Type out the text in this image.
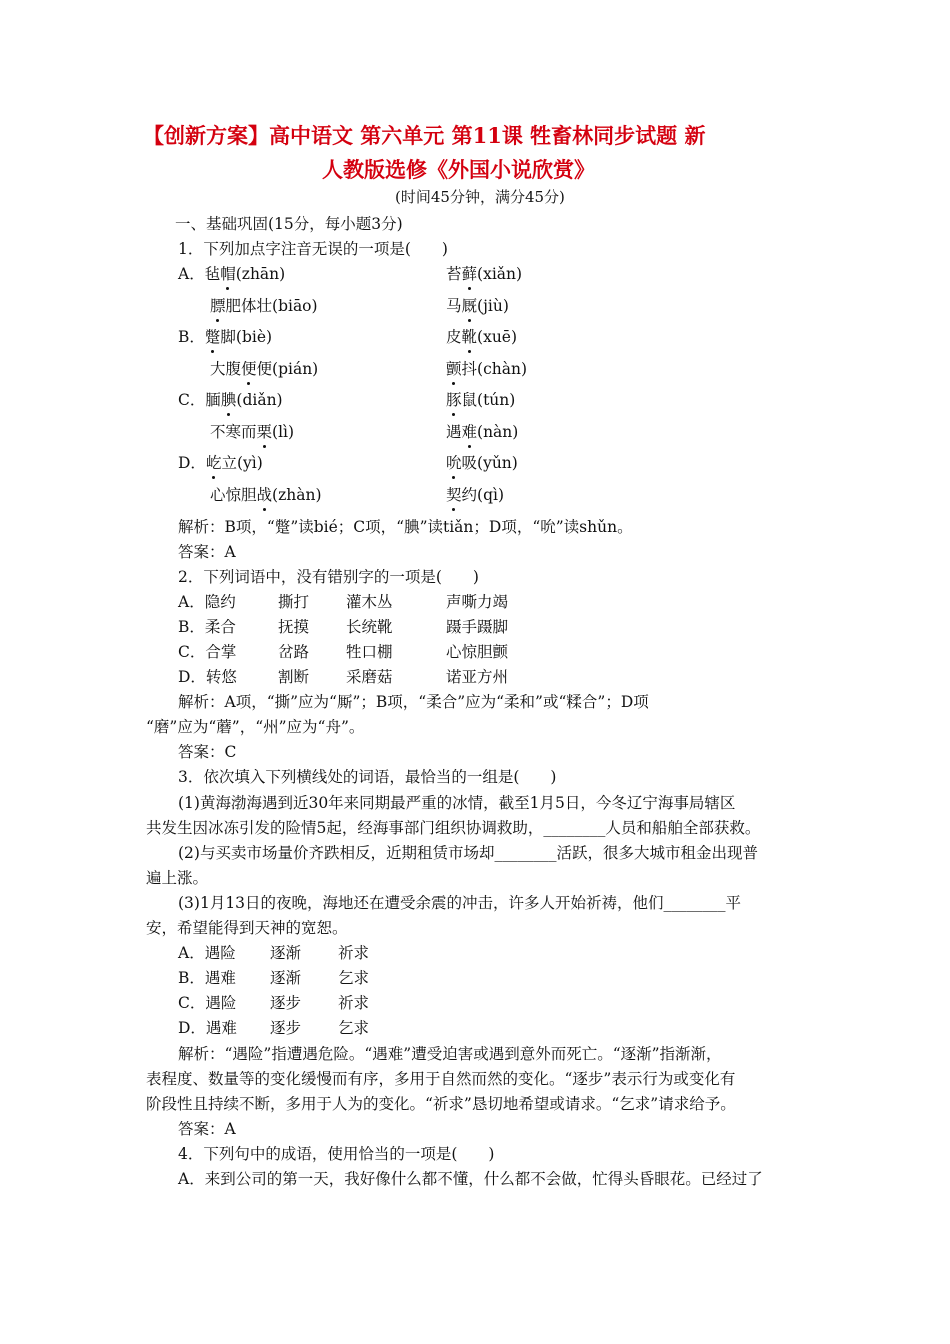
【创新方案】高中语文 第六单元 第11课 牲畜林同步试题 新
人教版选修《外国小说欣赏》
(时间45分钟，满分45分)
一、基础巩固(15分，每小题3分)
1．下列加点字注音无误的一项是(　　)
A．毡帽(zhān)	苔藓(xiǎn)
膘肥体壮(biāo)	马厩(jiù)
B．蹩脚(biè)	皮靴(xuē)
大腹便便(pián)	颤抖(chàn)
C．腼腆(diǎn)	豚鼠(tún)
不寒而栗(lì)	遇难(nàn)
D．屹立(yì)	吮吸(yǔn)
心惊胆战(zhàn)	契约(qì)
解析：B项，“蹩”读bié；C项，“腆”读tiǎn；D项，“吮”读shǔn。
答案：A
2．下列词语中，没有错别字的一项是(　　)
A．隐约	撕打 灌木丛	声嘶力竭
B．柔合	抚摸 长统靴	蹑手蹑脚
C．合掌	岔路 牲口棚	心惊胆颤
D．转悠	割断 采磨菇	诺亚方州
解析：A项，“撕”应为“厮”；B项，“柔合”应为“柔和”或“糅合”；D项
“磨”应为“蘑”，“州”应为“舟”。
答案：C
3．依次填入下列横线处的词语，最恰当的一组是(　　)
(1)黄海渤海遇到近30年来同期最严重的冰情，截至1月5日，今冬辽宁海事局辖区
共发生因冰冻引发的险情5起，经海事部门组织协调救助，________人员和船舶全部获救。
(2)与买卖市场量价齐跌相反，近期租赁市场却________活跃，很多大城市租金出现普
遍上涨。
(3)1月13日的夜晚，海地还在遭受余震的冲击，许多人开始祈祷，他们________平
安，希望能得到天神的宽恕。
A．遇险 逐渐 祈求
B．遇难 逐渐 乞求
C．遇险 逐步 祈求
D．遇难 逐步 乞求
解析：“遇险”指遭遇危险。“遇难”遭受迫害或遇到意外而死亡。“逐渐”指渐渐，
表程度、数量等的变化缓慢而有序，多用于自然而然的变化。“逐步”表示行为或变化有
阶段性且持续不断，多用于人为的变化。“祈求”恳切地希望或请求。“乞求”请求给予。
答案：A
4．下列句中的成语，使用恰当的一项是(　　)
A．来到公司的第一天，我好像什么都不懂，什么都不会做，忙得头昏眼花。已经过了
